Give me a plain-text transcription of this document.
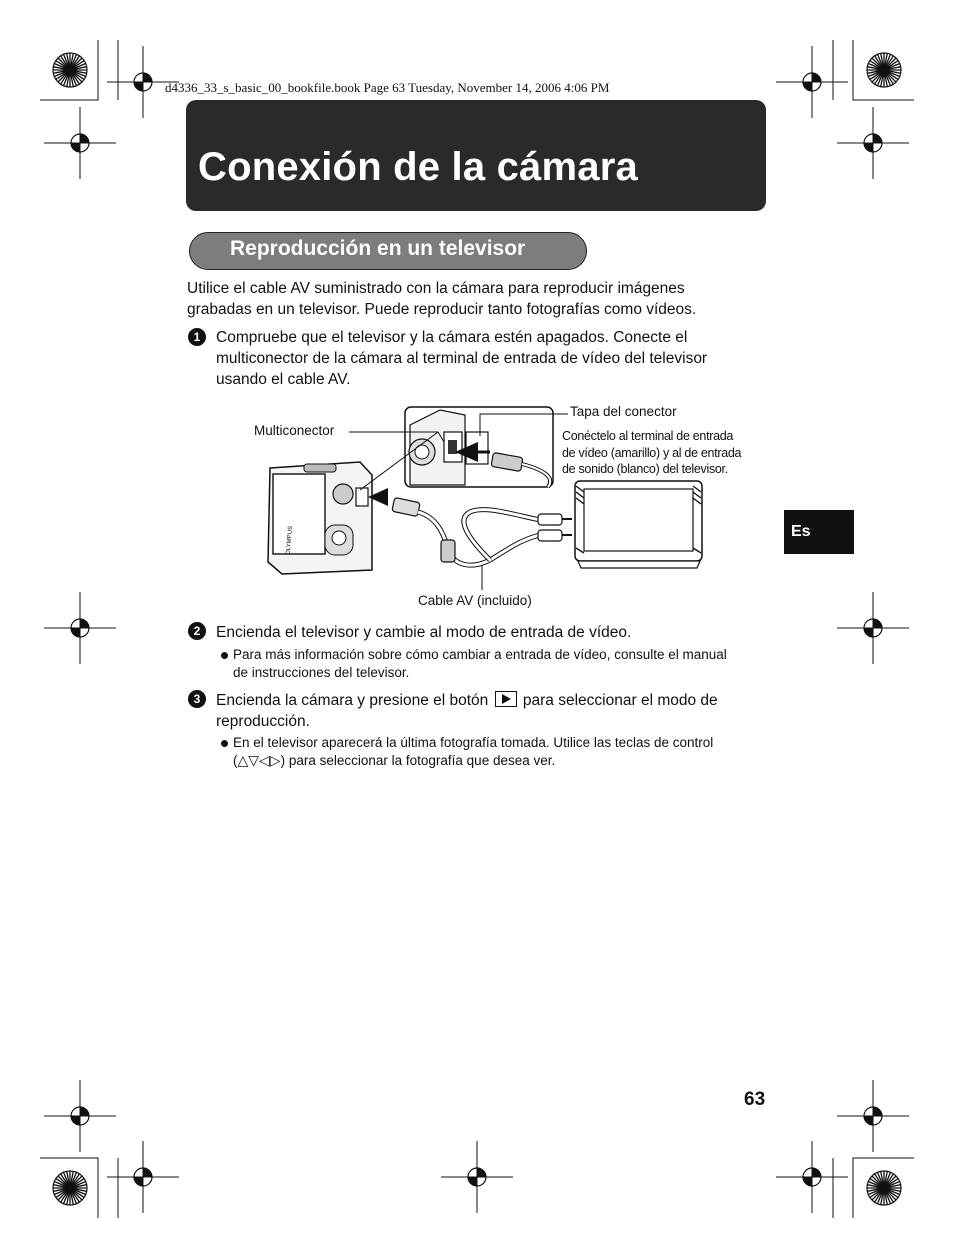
d4336_33_s_basic_00_bookfile.book Page 63 Tuesday, November 14, 2006 4:06 PM
Conexión de la cámara
Reproducción en un televisor
Utilice el cable AV suministrado con la cámara para reproducir imágenes
grabadas en un televisor. Puede reproducir tanto fotografías como vídeos.
1	Compruebe que el televisor y la cámara estén apagados. Conecte el
multiconector de la cámara al terminal de entrada de vídeo del televisor
usando el cable AV.
OLYMPUS
Multiconector
Tapa del conector
Conéctelo al terminal de entrada
de vídeo (amarillo) y al de entrada
de sonido (blanco) del televisor.
Cable AV (incluido)
2	Encienda el televisor y cambie al modo de entrada de vídeo.
Para más información sobre cómo cambiar a entrada de vídeo, consulte el manual
de instrucciones del televisor.
3	Encienda la cámara y presione el botón para seleccionar el modo de
reproducción.
En el televisor aparecerá la última fotografía tomada. Utilice las teclas de control
(△▽◁▷) para seleccionar la fotografía que desea ver.
Es
63
